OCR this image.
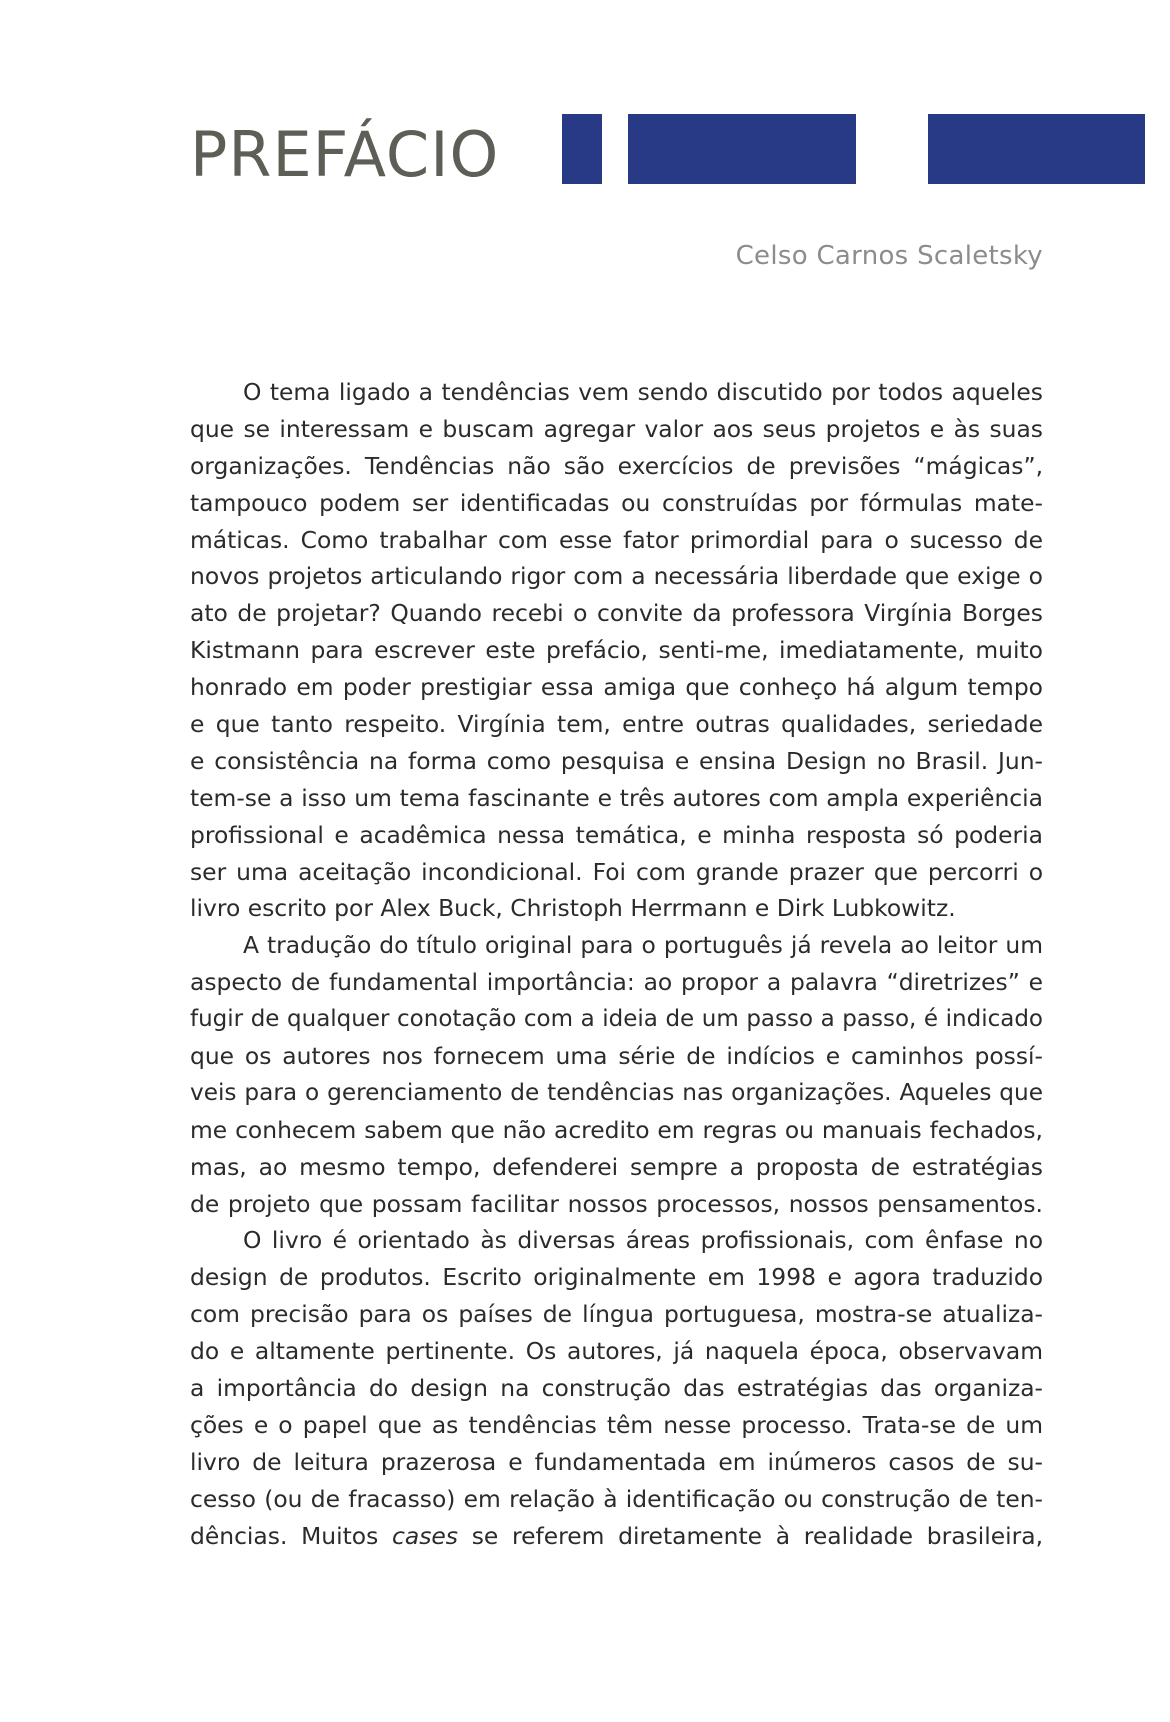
PREFÁCIO
Celso Carnos Scaletsky
O tema ligado a tendências vem sendo discutido por todos aqueles
que se interessam e buscam agregar valor aos seus projetos e às suas
organizações. Tendências não são exercícios de previsões “mágicas”,
tampouco podem ser identificadas ou construídas por fórmulas mate-
máticas. Como trabalhar com esse fator primordial para o sucesso de
novos projetos articulando rigor com a necessária liberdade que exige o
ato de projetar? Quando recebi o convite da professora Virgínia Borges
Kistmann para escrever este prefácio, senti-me, imediatamente, muito
honrado em poder prestigiar essa amiga que conheço há algum tempo
e que tanto respeito. Virgínia tem, entre outras qualidades, seriedade
e consistência na forma como pesquisa e ensina Design no Brasil. Jun-
tem-se a isso um tema fascinante e três autores com ampla experiência
profissional e acadêmica nessa temática, e minha resposta só poderia
ser uma aceitação incondicional. Foi com grande prazer que percorri o
livro escrito por Alex Buck, Christoph Herrmann e Dirk Lubkowitz.
A tradução do título original para o português já revela ao leitor um
aspecto de fundamental importância: ao propor a palavra “diretrizes” e
fugir de qualquer conotação com a ideia de um passo a passo, é indicado
que os autores nos fornecem uma série de indícios e caminhos possí-
veis para o gerenciamento de tendências nas organizações. Aqueles que
me conhecem sabem que não acredito em regras ou manuais fechados,
mas, ao mesmo tempo, defenderei sempre a proposta de estratégias
de projeto que possam facilitar nossos processos, nossos pensamentos.
O livro é orientado às diversas áreas profissionais, com ênfase no
design de produtos. Escrito originalmente em 1998 e agora traduzido
com precisão para os países de língua portuguesa, mostra-se atualiza-
do e altamente pertinente. Os autores, já naquela época, observavam
a importância do design na construção das estratégias das organiza-
ções e o papel que as tendências têm nesse processo. Trata-se de um
livro de leitura prazerosa e fundamentada em inúmeros casos de su-
cesso (ou de fracasso) em relação à identificação ou construção de ten-
dências. Muitos cases se referem diretamente à realidade brasileira,
